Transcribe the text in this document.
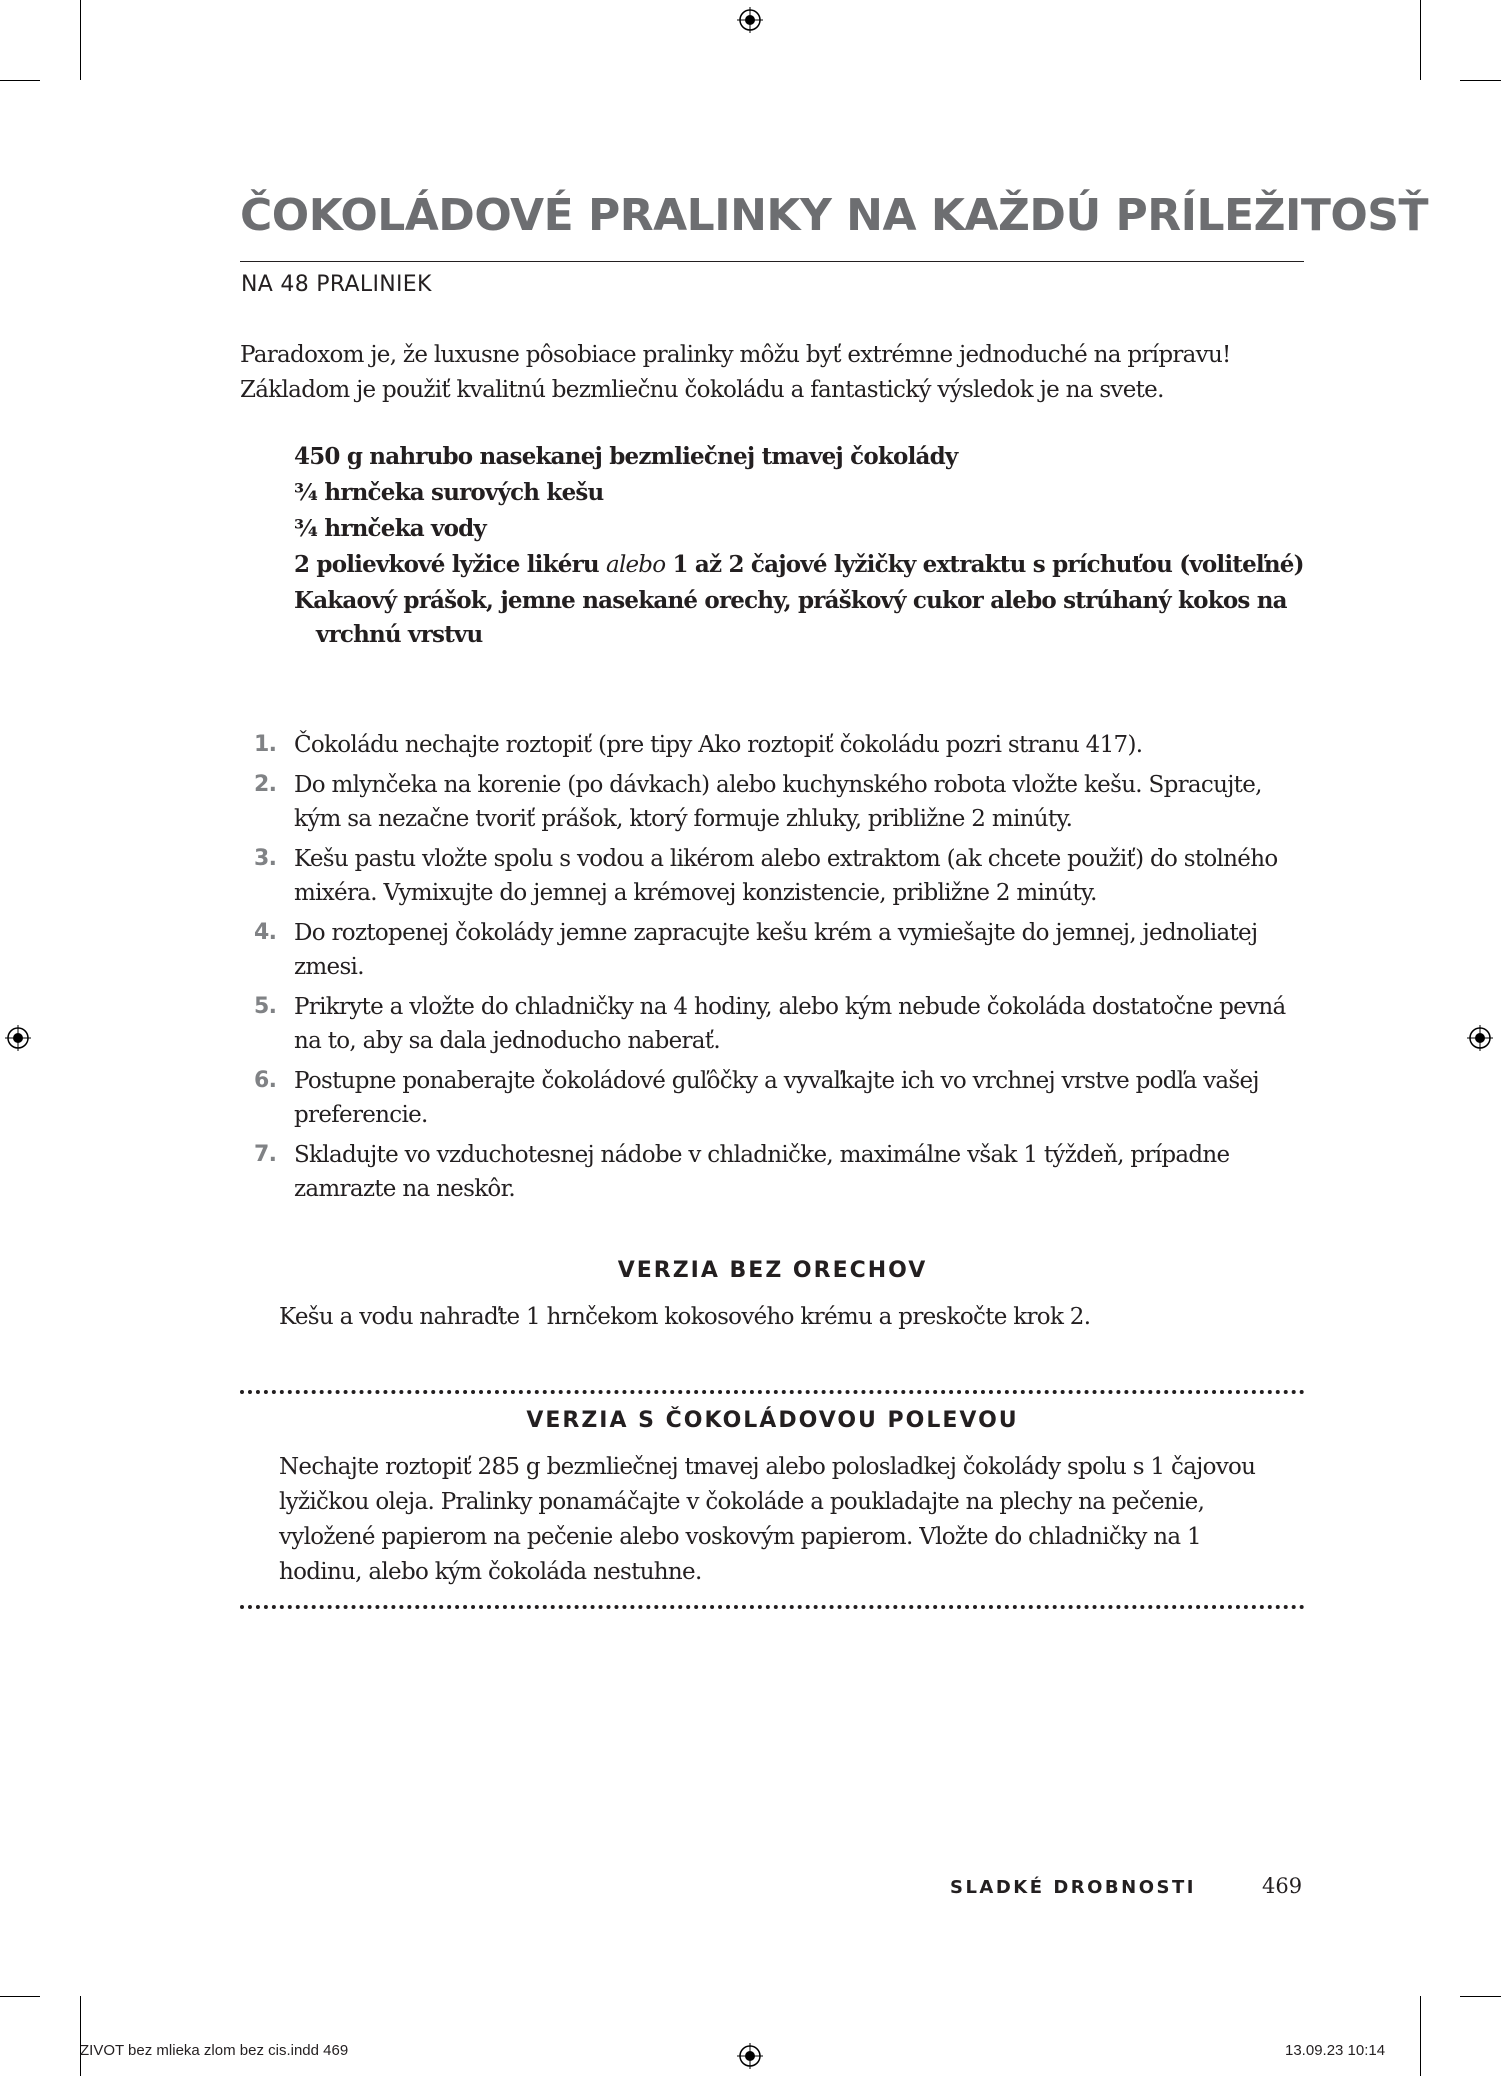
ČOKOLÁDOVÉ PRALINKY NA KAŽDÚ PRÍLEŽITOSŤ
NA 48 PRALINIEK
Paradoxom je, že luxusne pôsobiace pralinky môžu byť extrémne jednoduché na prípravu!
Základom je použiť kvalitnú bezmliečnu čokoládu a fantastický výsledok je na svete.
450 g nahrubo nasekanej bezmliečnej tmavej čokolády
¾ hrnčeka surových kešu
¾ hrnčeka vody
2 polievkové lyžice likéru alebo 1 až 2 čajové lyžičky extraktu s príchuťou (voliteľné)
Kakaový prášok, jemne nasekané orechy, práškový cukor alebo strúhaný kokos na vrchnú vrstvu
1. Čokoládu nechajte roztopiť (pre tipy Ako roztopiť čokoládu pozri stranu 417).
2. Do mlynčeka na korenie (po dávkach) alebo kuchynského robota vložte kešu. Spracujte, kým sa nezačne tvoriť prášok, ktorý formuje zhluky, približne 2 minúty.
3. Kešu pastu vložte spolu s vodou a likérom alebo extraktom (ak chcete použiť) do stolného mixéra. Vymixujte do jemnej a krémovej konzistencie, približne 2 minúty.
4. Do roztopenej čokolády jemne zapracujte kešu krém a vymiešajte do jemnej, jednoliatej zmesi.
5. Prikryte a vložte do chladničky na 4 hodiny, alebo kým nebude čokoláda dostatočne pevná na to, aby sa dala jednoducho naberať.
6. Postupne ponaberajte čokoládové guľôčky a vyvaľkajte ich vo vrchnej vrstve podľa vašej preferencie.
7. Skladujte vo vzduchotesnej nádobe v chladničke, maximálne však 1 týždeň, prípadne zamrazte na neskôr.
VERZIA BEZ ORECHOV
Kešu a vodu nahraďte 1 hrnčekom kokosového krému a preskočte krok 2.
VERZIA S ČOKOLÁDOVOU POLEVOU
Nechajte roztopiť 285 g bezmliečnej tmavej alebo polosladkej čokolády spolu s 1 čajovou lyžičkou oleja. Pralinky ponamáčajte v čokoláde a poukladajte na plechy na pečenie, vyložené papierom na pečenie alebo voskovým papierom. Vložte do chladničky na 1 hodinu, alebo kým čokoláda nestuhne.
SLADKÉ DROBNOSTI	469
ZIVOT bez mlieka zlom bez cis.indd 469	13.09.23 10:14
